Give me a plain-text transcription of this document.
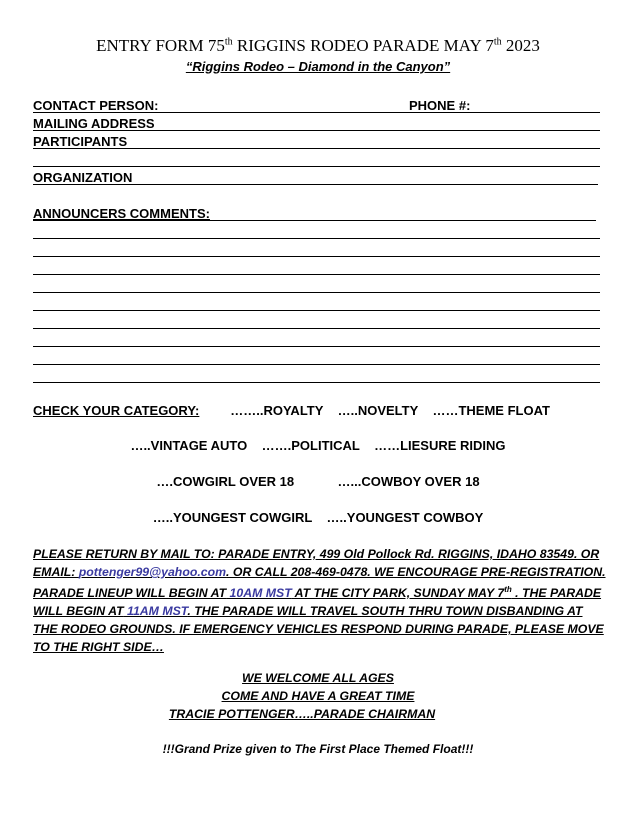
ENTRY FORM 75th RIGGINS RODEO PARADE MAY 7th 2023
“Riggins Rodeo – Diamond in the Canyon”
CONTACT PERSON:	PHONE #:
MAILING ADDRESS
PARTICIPANTS
ORGANIZATION
ANNOUNCERS COMMENTS:
CHECK YOUR CATEGORY: ……..ROYALTY    …..NOVELTY    ……THEME FLOAT
…..VINTAGE AUTO    …….POLITICAL    ……LIESURE RIDING
….COWGIRL OVER 18            …...COWBOY OVER 18
…..YOUNGEST COWGIRL    …..YOUNGEST COWBOY
PLEASE RETURN BY MAIL TO: PARADE ENTRY, 499 Old Pollock Rd. RIGGINS, IDAHO 83549. OR EMAIL: pottenger99@yahoo.com. OR CALL 208-469-0478. WE ENCOURAGE PRE-REGISTRATION. PARADE LINEUP WILL BEGIN AT 10AM MST AT THE CITY PARK, SUNDAY MAY 7th . THE PARADE WILL BEGIN AT 11AM MST. THE PARADE WILL TRAVEL SOUTH THRU TOWN DISBANDING AT THE RODEO GROUNDS. IF EMERGENCY VEHICLES RESPOND DURING PARADE, PLEASE MOVE TO THE RIGHT SIDE…
WE WELCOME ALL AGES
COME AND HAVE A GREAT TIME
TRACIE POTTENGER…..PARADE CHAIRMAN
!!!Grand Prize given to The First Place Themed Float!!!
